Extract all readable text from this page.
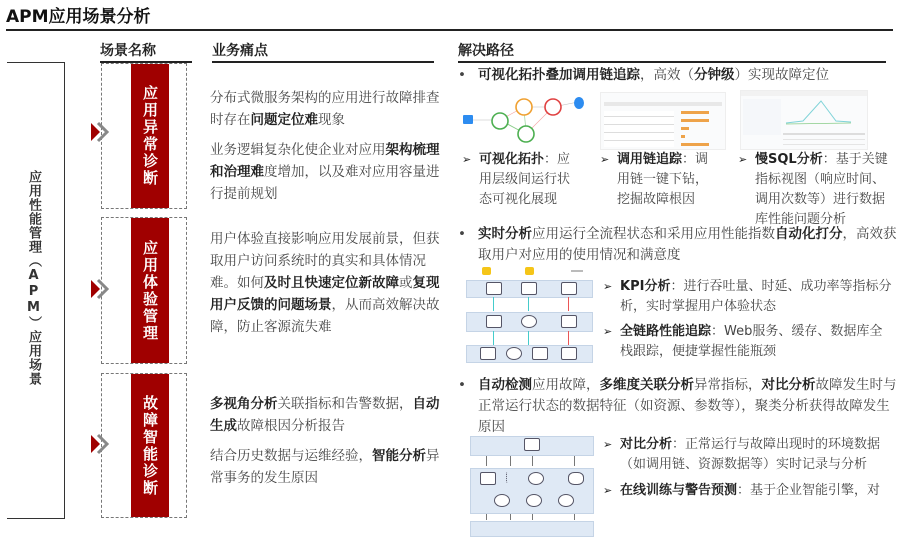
APM应用场景分析
场景名称	业务痛点	解决路径
应用性能管理（APM）应用场景
应用异常诊断
应用体验管理
故障智能诊断

分布式微服务架构的应用进行故障排查时存在问题定位难现象

业务逻辑复杂化使企业对应用架构梳理和治理难度增加，以及难对应用容量进行提前规划

用户体验直接影响应用发展前景，但获取用户访问系统时的真实和具体情况难。如何及时且快速定位新故障或复现用户反馈的问题场景，从而高效解决故障，防止客源流失难

多视角分析关联指标和告警数据，自动生成故障根因分析报告

结合历史数据与运维经验，智能分析异常事务的发生原因

• 可视化拓扑叠加调用链追踪，高效（分钟级）实现故障定位
➢ 可视化拓扑：应用层级间运行状态可视化展现
➢ 调用链追踪：调用链一键下钻，挖掘故障根因
➢ 慢SQL分析：基于关键指标视图（响应时间、调用次数等）进行数据库性能问题分析
• 实时分析应用运行全流程状态和采用应用性能指数自动化打分，高效获取用户对应用的使用情况和满意度
➢ KPI分析：进行吞吐量、时延、成功率等指标分析，实时掌握用户体验状态
➢ 全链路性能追踪：Web服务、缓存、数据库全栈跟踪，便捷掌握性能瓶颈
• 自动检测应用故障，多维度关联分析异常指标，对比分析故障发生时与正常运行状态的数据特征（如资源、参数等），聚类分析获得故障发生原因
➢ 对比分析：正常运行与故障出现时的环境数据（如调用链、资源数据等）实时记录与分析
➢ 在线训练与警告预测：基于企业智能引擎，对
